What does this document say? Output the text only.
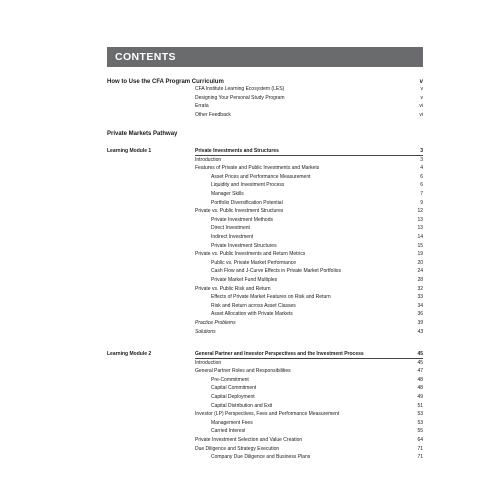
CONTENTS
How to Use the CFA Program Curriculum	v
CFA Institute Learning Ecosystem (LES)	v
Designing Your Personal Study Program	v
Errata	vi
Other Feedback	vi
Private Markets Pathway
Learning Module 1	Private Investments and Structures	3
Introduction	3
Features of Private and Public Investments and Markets	4
Asset Prices and Performance Measurement	6
Liquidity and Investment Process	6
Manager Skills	7
Portfolio Diversification Potential	9
Private vs. Public Investment Structures	12
Private Investment Methods	13
Direct Investment	13
Indirect Investment	14
Private Investment Structures	15
Private vs. Public Investments and Return Metrics	19
Public vs. Private Market Performance	20
Cash Flow and J-Curve Effects in Private Market Portfolios	24
Private Market Fund Multiples	28
Private vs. Public Risk and Return	32
Effects of Private Market Features on Risk and Return	33
Risk and Return across Asset Classes	34
Asset Allocation with Private Markets	36
Practice Problems	39
Solutions	43
Learning Module 2	General Partner and Investor Perspectives and the Investment Process	45
Introduction	45
General Partner Roles and Responsibilities	47
Pre-Commitment	48
Capital Commitment	48
Capital Deployment	49
Capital Distribution and Exit	51
Investor (LP) Perspectives, Fees and Performance Measurement	53
Management Fees	53
Carried Interest	55
Private Investment Selection and Value Creation	64
Due Diligence and Strategy Execution	71
Company Due Diligence and Business Plans	71
